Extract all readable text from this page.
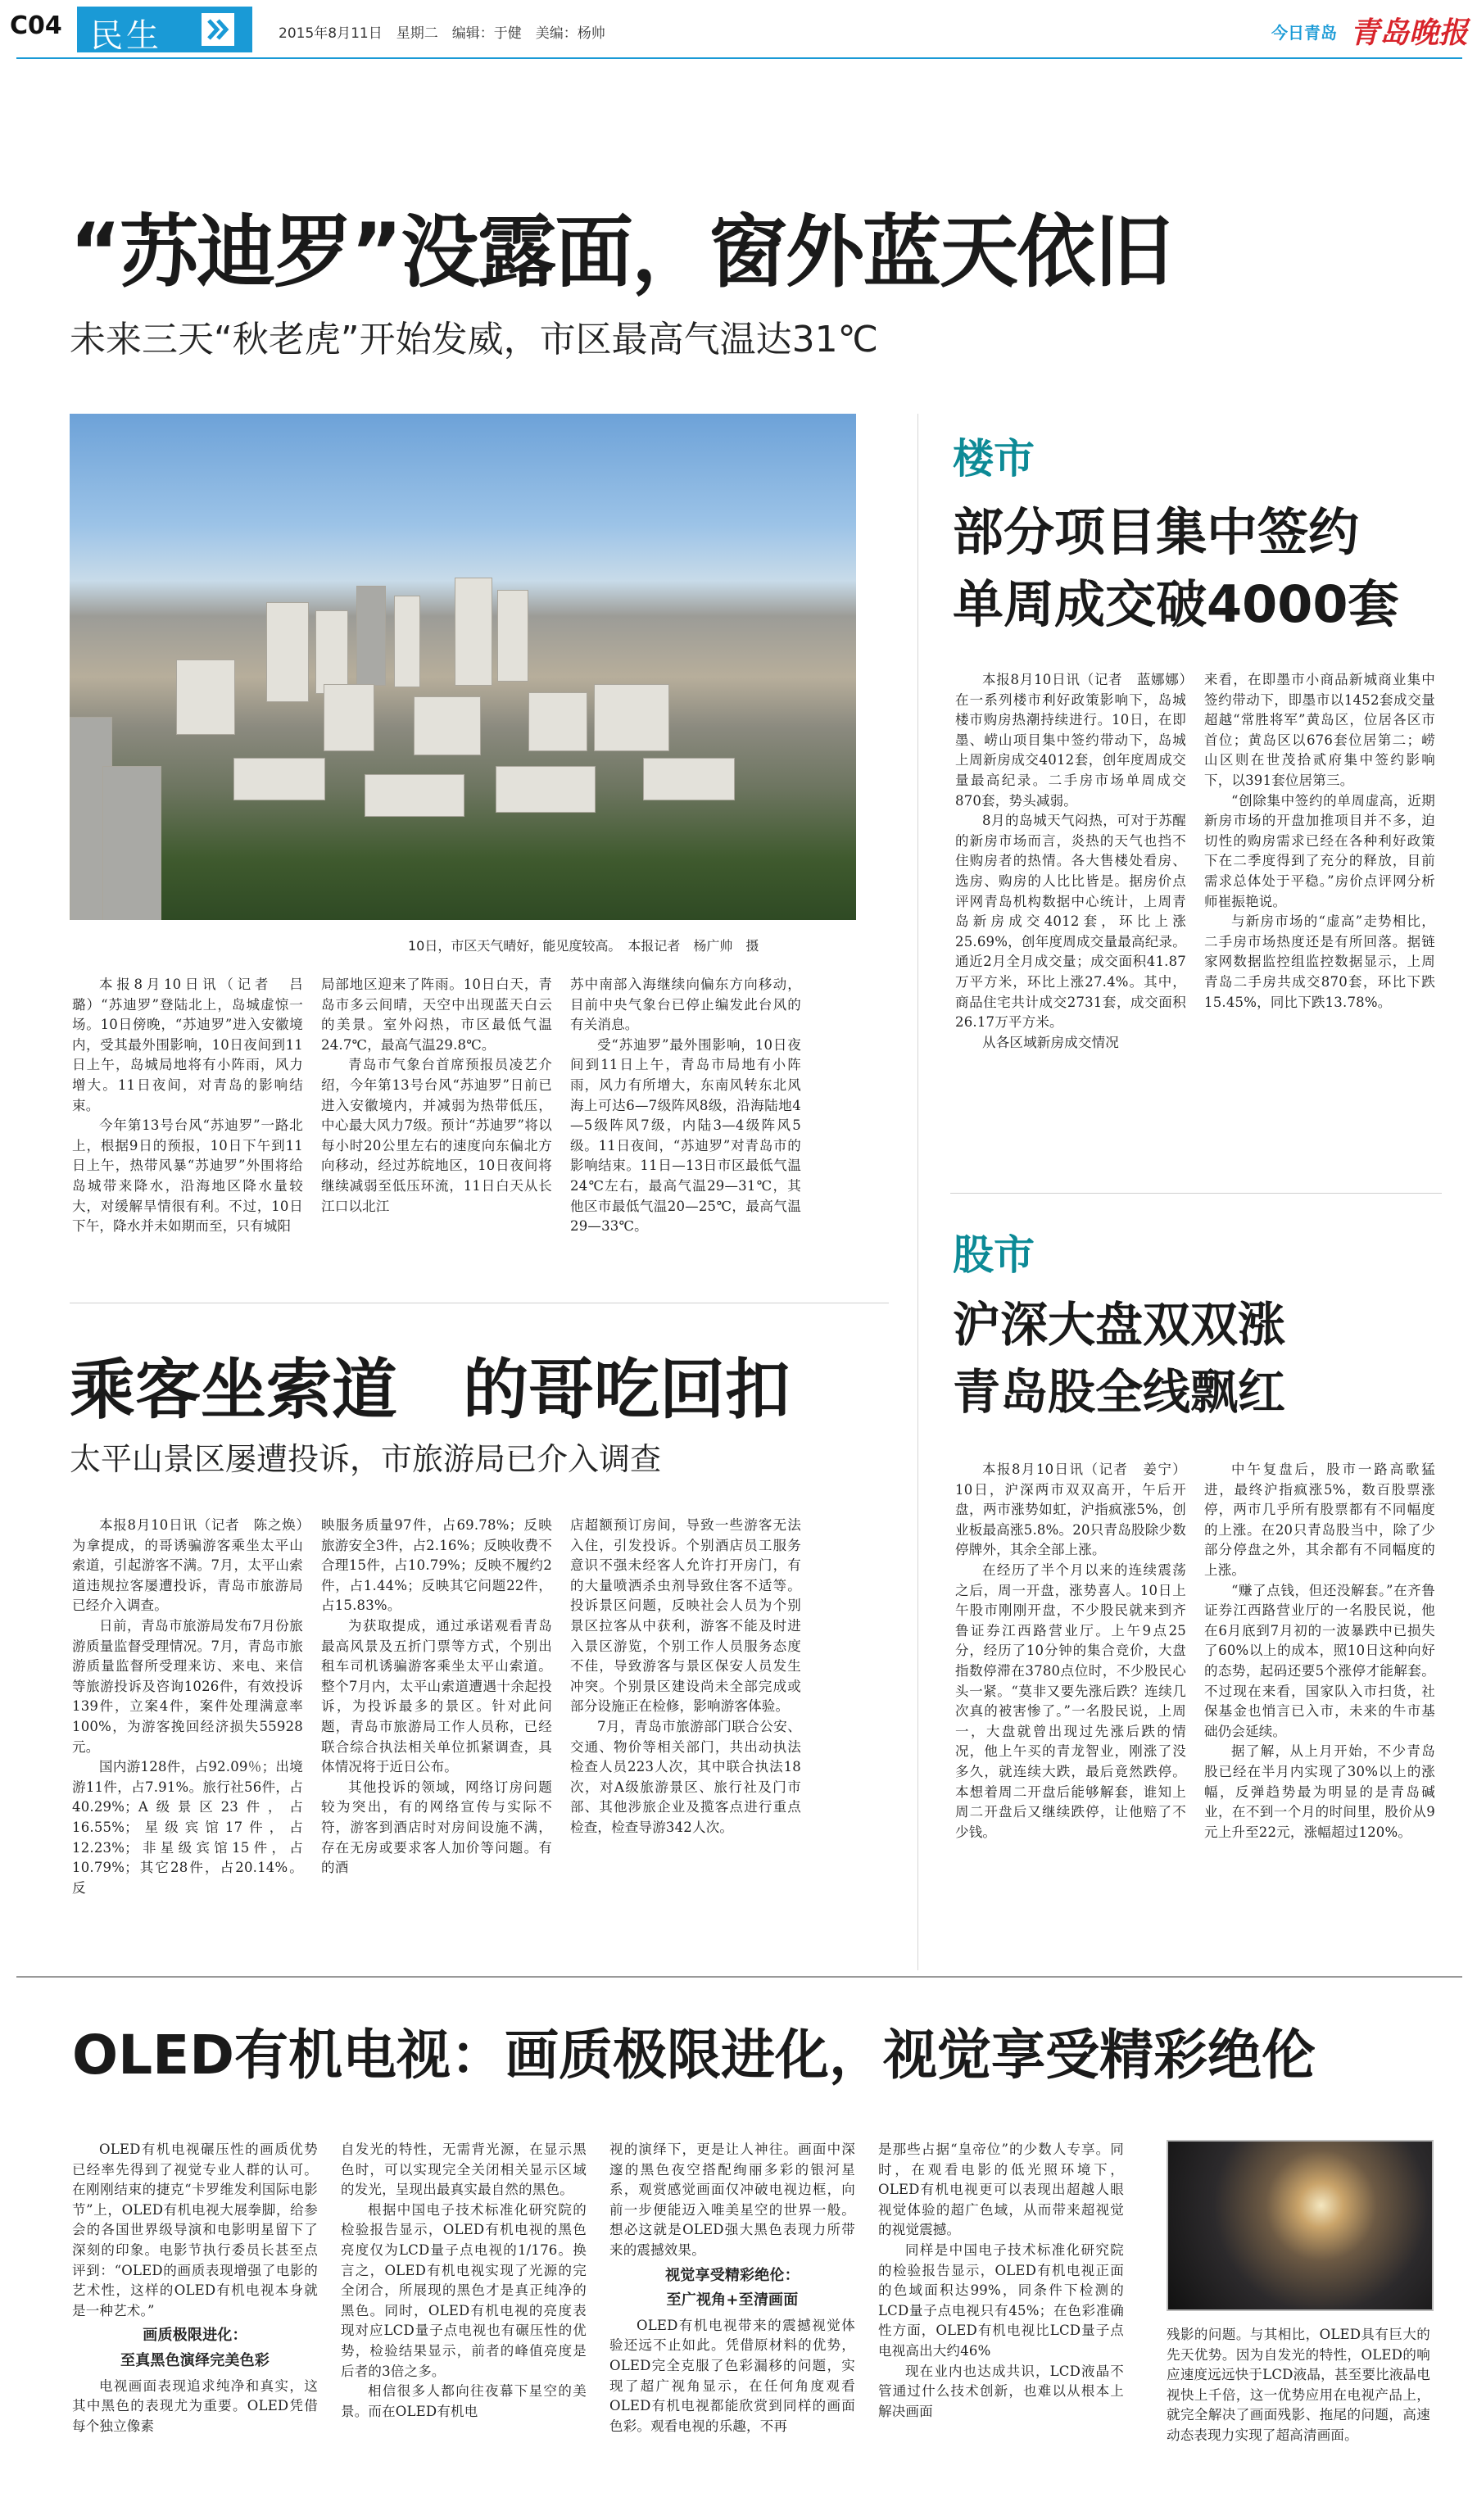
C04 民生	2015年8月11日　星期二　编辑：于健　美编：杨帅	今日青岛 青岛晚报
“苏迪罗”没露面，窗外蓝天依旧
未来三天“秋老虎”开始发威，市区最高气温达31℃
10日，市区天气晴好，能见度较高。　本报记者　杨广帅　摄

本报8月10日讯（记者　吕璐）“苏迪罗”登陆北上，岛城虚惊一场。10日傍晚，“苏迪罗”进入安徽境内，受其最外围影响，10日夜间到11日上午，岛城局地将有小阵雨，风力增大。11日夜间，对青岛的影响结束。

今年第13号台风“苏迪罗”一路北上，根据9日的预报，10日下午到11日上午，热带风暴“苏迪罗”外围将给岛城带来降水，沿海地区降水量较大，对缓解旱情很有利。不过，10日下午，降水并未如期而至，只有城阳

局部地区迎来了阵雨。10日白天，青岛市多云间晴，天空中出现蓝天白云的美景。室外闷热，市区最低气温24.7℃，最高气温29.8℃。

青岛市气象台首席预报员凌艺介绍，今年第13号台风“苏迪罗”日前已进入安徽境内，并减弱为热带低压，中心最大风力7级。预计“苏迪罗”将以每小时20公里左右的速度向东偏北方向移动，经过苏皖地区，10日夜间将继续减弱至低压环流，11日白天从长江口以北江

苏中南部入海继续向偏东方向移动，目前中央气象台已停止编发此台风的有关消息。

受“苏迪罗”最外围影响，10日夜间到11日上午，青岛市局地有小阵雨，风力有所增大，东南风转东北风海上可达6—7级阵风8级，沿海陆地4—5级阵风7级，内陆3—4级阵风5级。11日夜间，“苏迪罗”对青岛市的影响结束。11日—13日市区最低气温24℃左右，最高气温29—31℃，其他区市最低气温20—25℃，最高气温29—33℃。

楼市
部分项目集中签约
单周成交破4000套

本报8月10日讯（记者　蓝娜娜）在一系列楼市利好政策影响下，岛城楼市购房热潮持续进行。10日，在即墨、崂山项目集中签约带动下，岛城上周新房成交4012套，创年度周成交量最高纪录。二手房市场单周成交870套，势头减弱。

8月的岛城天气闷热，可对于苏醒的新房市场而言，炎热的天气也挡不住购房者的热情。各大售楼处看房、选房、购房的人比比皆是。据房价点评网青岛机构数据中心统计，上周青岛新房成交4012套，环比上涨25.69%，创年度周成交量最高纪录。通近2月全月成交量；成交面积41.87万平方米，环比上涨27.4%。其中，商品住宅共计成交2731套，成交面积26.17万平方米。

从各区域新房成交情况

来看，在即墨市小商品新城商业集中签约带动下，即墨市以1452套成交量超越“常胜将军”黄岛区，位居各区市首位；黄岛区以676套位居第二；崂山区则在世茂拾贰府集中签约影响下，以391套位居第三。

“创除集中签约的单周虚高，近期新房市场的开盘加推项目并不多，迫切性的购房需求已经在各种利好政策下在二季度得到了充分的释放，目前需求总体处于平稳。”房价点评网分析师崔振艳说。

与新房市场的“虚高”走势相比，二手房市场热度还是有所回落。据链家网数据监控组监控数据显示，上周青岛二手房共成交870套，环比下跌15.45%，同比下跌13.78%。

股市
沪深大盘双双涨
青岛股全线飘红

本报8月10日讯（记者　姜宁）10日，沪深两市双双高开，午后开盘，两市涨势如虹，沪指疯涨5%，创业板最高涨5.8%。20只青岛股除少数停牌外，其余全部上涨。

在经历了半个月以来的连续震荡之后，周一开盘，涨势喜人。10日上午股市刚刚开盘，不少股民就来到齐鲁证券江西路营业厅。上午9点25分，经历了10分钟的集合竞价，大盘指数停滞在3780点位时，不少股民心头一紧。“莫非又要先涨后跌？连续几次真的被害惨了。”一名股民说，上周一，大盘就曾出现过先涨后跌的情况，他上午买的青龙智业，刚涨了没多久，就连续大跌，最后竟然跌停。本想着周二开盘后能够解套，谁知上周二开盘后又继续跌停，让他赔了不少钱。

中午复盘后，股市一路高歌猛进，最终沪指疯涨5%，数百股票涨停，两市几乎所有股票都有不同幅度的上涨。在20只青岛股当中，除了少部分停盘之外，其余都有不同幅度的上涨。

“赚了点钱，但还没解套。”在齐鲁证券江西路营业厅的一名股民说，他在6月底到7月初的一波暴跌中已损失了60%以上的成本，照10日这种向好的态势，起码还要5个涨停才能解套。不过现在来看，国家队入市扫货，社保基金也悄言已入市，未来的牛市基础仍会延续。

据了解，从上月开始，不少青岛股已经在半月内实现了30%以上的涨幅，反弹趋势最为明显的是青岛碱业，在不到一个月的时间里，股价从9元上升至22元，涨幅超过120%。

乘客坐索道　的哥吃回扣
太平山景区屡遭投诉，市旅游局已介入调查

本报8月10日讯（记者　陈之焕）为拿提成，的哥诱骗游客乘坐太平山索道，引起游客不满。7月，太平山索道违规拉客屡遭投诉，青岛市旅游局已经介入调查。

日前，青岛市旅游局发布7月份旅游质量监督受理情况。7月，青岛市旅游质量监督所受理来访、来电、来信等旅游投诉及咨询1026件，有效投诉139件，立案4件，案件处理满意率100%，为游客挽回经济损失55928元。

国内游128件，占92.09％；出境游11件，占7.91%。旅行社56件，占40.29%；A级景区23件，占16.55%；星级宾馆17件，占12.23%；非星级宾馆15件，占10.79%；其它28件，占20.14%。反

映服务质量97件，占69.78%；反映旅游安全3件，占2.16%；反映收费不合理15件，占10.79%；反映不履约2件，占1.44%；反映其它问题22件，占15.83%。

为获取提成，通过承诺观看青岛最高风景及五折门票等方式，个别出租车司机诱骗游客乘坐太平山索道。整个7月内，太平山索道遭遇十余起投诉，为投诉最多的景区。针对此问题，青岛市旅游局工作人员称，已经联合综合执法相关单位抓紧调查，具体情况将于近日公布。

其他投诉的领域，网络订房问题较为突出，有的网络宣传与实际不符，游客到酒店时对房间设施不满，存在无房或要求客人加价等问题。有的酒

店超额预订房间，导致一些游客无法入住，引发投诉。个别酒店员工服务意识不强未经客人允许打开房门，有的大量喷洒杀虫剂导致住客不适等。投诉景区问题，反映社会人员为个别景区拉客从中获利，游客不能及时进入景区游览，个别工作人员服务态度不佳，导致游客与景区保安人员发生冲突。个别景区建设尚未全部完成或部分设施正在检修，影响游客体验。

7月，青岛市旅游部门联合公安、交通、物价等相关部门，共出动执法检查人员223人次，其中联合执法18次，对A级旅游景区、旅行社及门市部、其他涉旅企业及揽客点进行重点检查，检查导游342人次。

OLED有机电视：画质极限进化，视觉享受精彩绝伦

OLED有机电视碾压性的画质优势已经率先得到了视觉专业人群的认可。在刚刚结束的捷克“卡罗维发利国际电影节”上，OLED有机电视大展拳脚，给参会的各国世界级导演和电影明星留下了深刻的印象。电影节执行委员长甚至点评到：“OLED的画质表现增强了电影的艺术性，这样的OLED有机电视本身就是一种艺术。”

画质极限进化：
至真黑色演绎完美色彩

电视画面表现追求纯净和真实，这其中黑色的表现尤为重要。OLED凭借每个独立像素

自发光的特性，无需背光源，在显示黑色时，可以实现完全关闭相关显示区域的发光，呈现出最真实最自然的黑色。

根据中国电子技术标准化研究院的检验报告显示，OLED有机电视的黑色亮度仅为LCD量子点电视的1/176。换言之，OLED有机电视实现了光源的完全闭合，所展现的黑色才是真正纯净的黑色。同时，OLED有机电视的亮度表现对应LCD量子点电视也有碾压性的优势，检验结果显示，前者的峰值亮度是后者的3倍之多。

相信很多人都向往夜幕下星空的美景。而在OLED有机电

视的演绎下，更是让人神往。画面中深邃的黑色夜空搭配绚丽多彩的银河星系，观赏感觉画面仅冲破电视边框，向前一步便能迈入唯美星空的世界一般。想必这就是OLED强大黑色表现力所带来的震撼效果。

视觉享受精彩绝伦：
至广视角+至清画面

OLED有机电视带来的震撼视觉体验还远不止如此。凭借原材料的优势，OLED完全克服了色彩漏移的问题，实现了超广视角显示，在任何角度观看OLED有机电视都能欣赏到同样的画面色彩。观看电视的乐趣，不再

是那些占据“皇帝位”的少数人专享。同时，在观看电影的低光照环境下，OLED有机电视更可以表现出超越人眼视觉体验的超广色域，从而带来超视觉的视觉震撼。

同样是中国电子技术标准化研究院的检验报告显示，OLED有机电视正面的色域面积达99%，同条件下检测的LCD量子点电视只有45%；在色彩准确性方面，OLED有机电视比LCD量子点电视高出大约46%

现在业内也达成共识，LCD液晶不管通过什么技术创新，也难以从根本上解决画面

残影的问题。与其相比，OLED具有巨大的先天优势。因为自发光的特性，OLED的响应速度远远快于LCD液晶，甚至要比液晶电视快上千倍，这一优势应用在电视产品上，就完全解决了画面残影、拖尾的问题，高速动态表现力实现了超高清画面。
